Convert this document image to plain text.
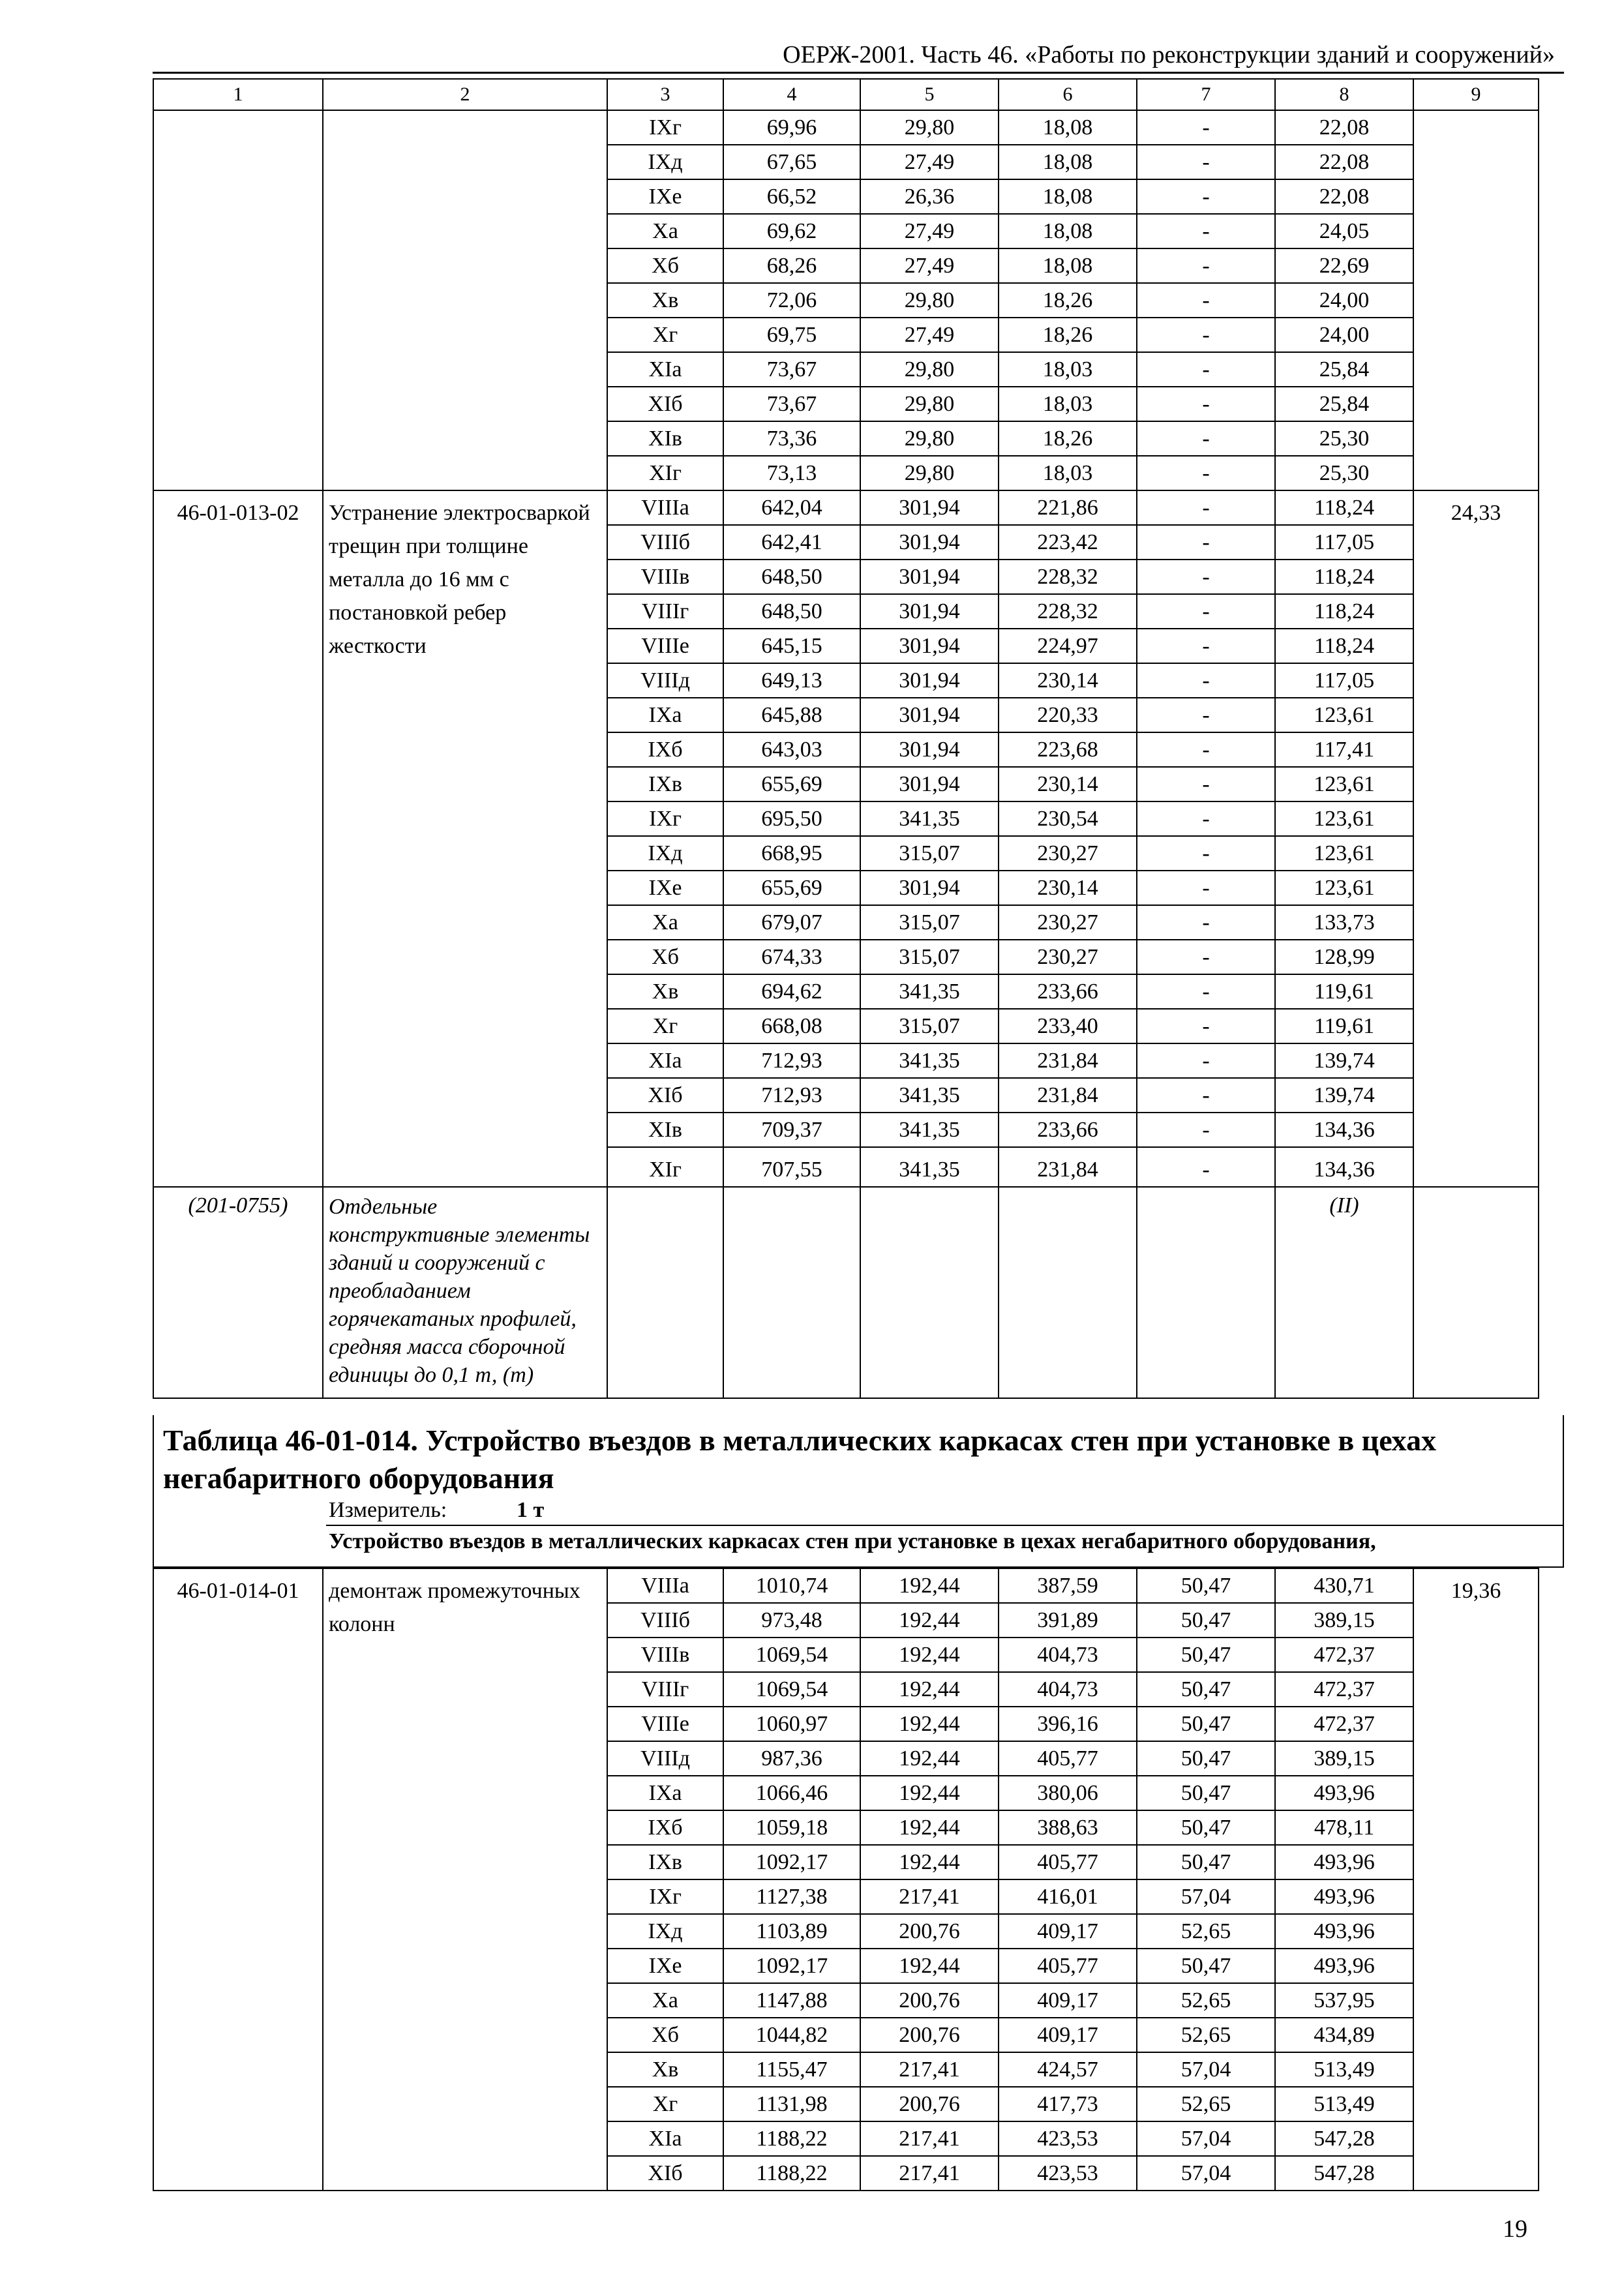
ОЕРЖ-2001. Часть 46. «Работы по реконструкции зданий и сооружений»
1	2	3	4	5	6	7	8	9
		IXг	69,96	29,80	18,08	-	22,08	
		IXд	67,65	27,49	18,08	-	22,08	
		IXе	66,52	26,36	18,08	-	22,08	
		Xа	69,62	27,49	18,08	-	24,05	
		Xб	68,26	27,49	18,08	-	22,69	
		Xв	72,06	29,80	18,26	-	24,00	
		Xг	69,75	27,49	18,26	-	24,00	
		XIа	73,67	29,80	18,03	-	25,84	
		XIб	73,67	29,80	18,03	-	25,84	
		XIв	73,36	29,80	18,26	-	25,30	
		XIг	73,13	29,80	18,03	-	25,30	
46-01-013-02	Устранение электросваркой трещин при толщине металла до 16 мм с постановкой ребер жесткости	VIIIа	642,04	301,94	221,86	-	118,24	24,33
		VIIIб	642,41	301,94	223,42	-	117,05	
		VIIIв	648,50	301,94	228,32	-	118,24	
		VIIIг	648,50	301,94	228,32	-	118,24	
		VIIIе	645,15	301,94	224,97	-	118,24	
		VIIIд	649,13	301,94	230,14	-	117,05	
		IXа	645,88	301,94	220,33	-	123,61	
		IXб	643,03	301,94	223,68	-	117,41	
		IXв	655,69	301,94	230,14	-	123,61	
		IXг	695,50	341,35	230,54	-	123,61	
		IXд	668,95	315,07	230,27	-	123,61	
		IXе	655,69	301,94	230,14	-	123,61	
		Xа	679,07	315,07	230,27	-	133,73	
		Xб	674,33	315,07	230,27	-	128,99	
		Xв	694,62	341,35	233,66	-	119,61	
		Xг	668,08	315,07	233,40	-	119,61	
		XIа	712,93	341,35	231,84	-	139,74	
		XIб	712,93	341,35	231,84	-	139,74	
		XIв	709,37	341,35	233,66	-	134,36	
		XIг	707,55	341,35	231,84	-	134,36	
(201-0755)	Отдельные конструктивные элементы зданий и сооружений с преобладанием горячекатаных профилей, средняя масса сборочной единицы до 0,1 т, (т)						(II)	
Таблица 46-01-014. Устройство въездов в металлических каркасах стен при установке в цехах негабаритного оборудования
Измеритель:	1 т
Устройство въездов в металлических каркасах стен при установке в цехах негабаритного оборудования,
46-01-014-01	демонтаж промежуточных колонн	VIIIа	1010,74	192,44	387,59	50,47	430,71	19,36
		VIIIб	973,48	192,44	391,89	50,47	389,15	
		VIIIв	1069,54	192,44	404,73	50,47	472,37	
		VIIIг	1069,54	192,44	404,73	50,47	472,37	
		VIIIе	1060,97	192,44	396,16	50,47	472,37	
		VIIIд	987,36	192,44	405,77	50,47	389,15	
		IXа	1066,46	192,44	380,06	50,47	493,96	
		IXб	1059,18	192,44	388,63	50,47	478,11	
		IXв	1092,17	192,44	405,77	50,47	493,96	
		IXг	1127,38	217,41	416,01	57,04	493,96	
		IXд	1103,89	200,76	409,17	52,65	493,96	
		IXе	1092,17	192,44	405,77	50,47	493,96	
		Xа	1147,88	200,76	409,17	52,65	537,95	
		Xб	1044,82	200,76	409,17	52,65	434,89	
		Xв	1155,47	217,41	424,57	57,04	513,49	
		Xг	1131,98	200,76	417,73	52,65	513,49	
		XIа	1188,22	217,41	423,53	57,04	547,28	
		XIб	1188,22	217,41	423,53	57,04	547,28	
19
